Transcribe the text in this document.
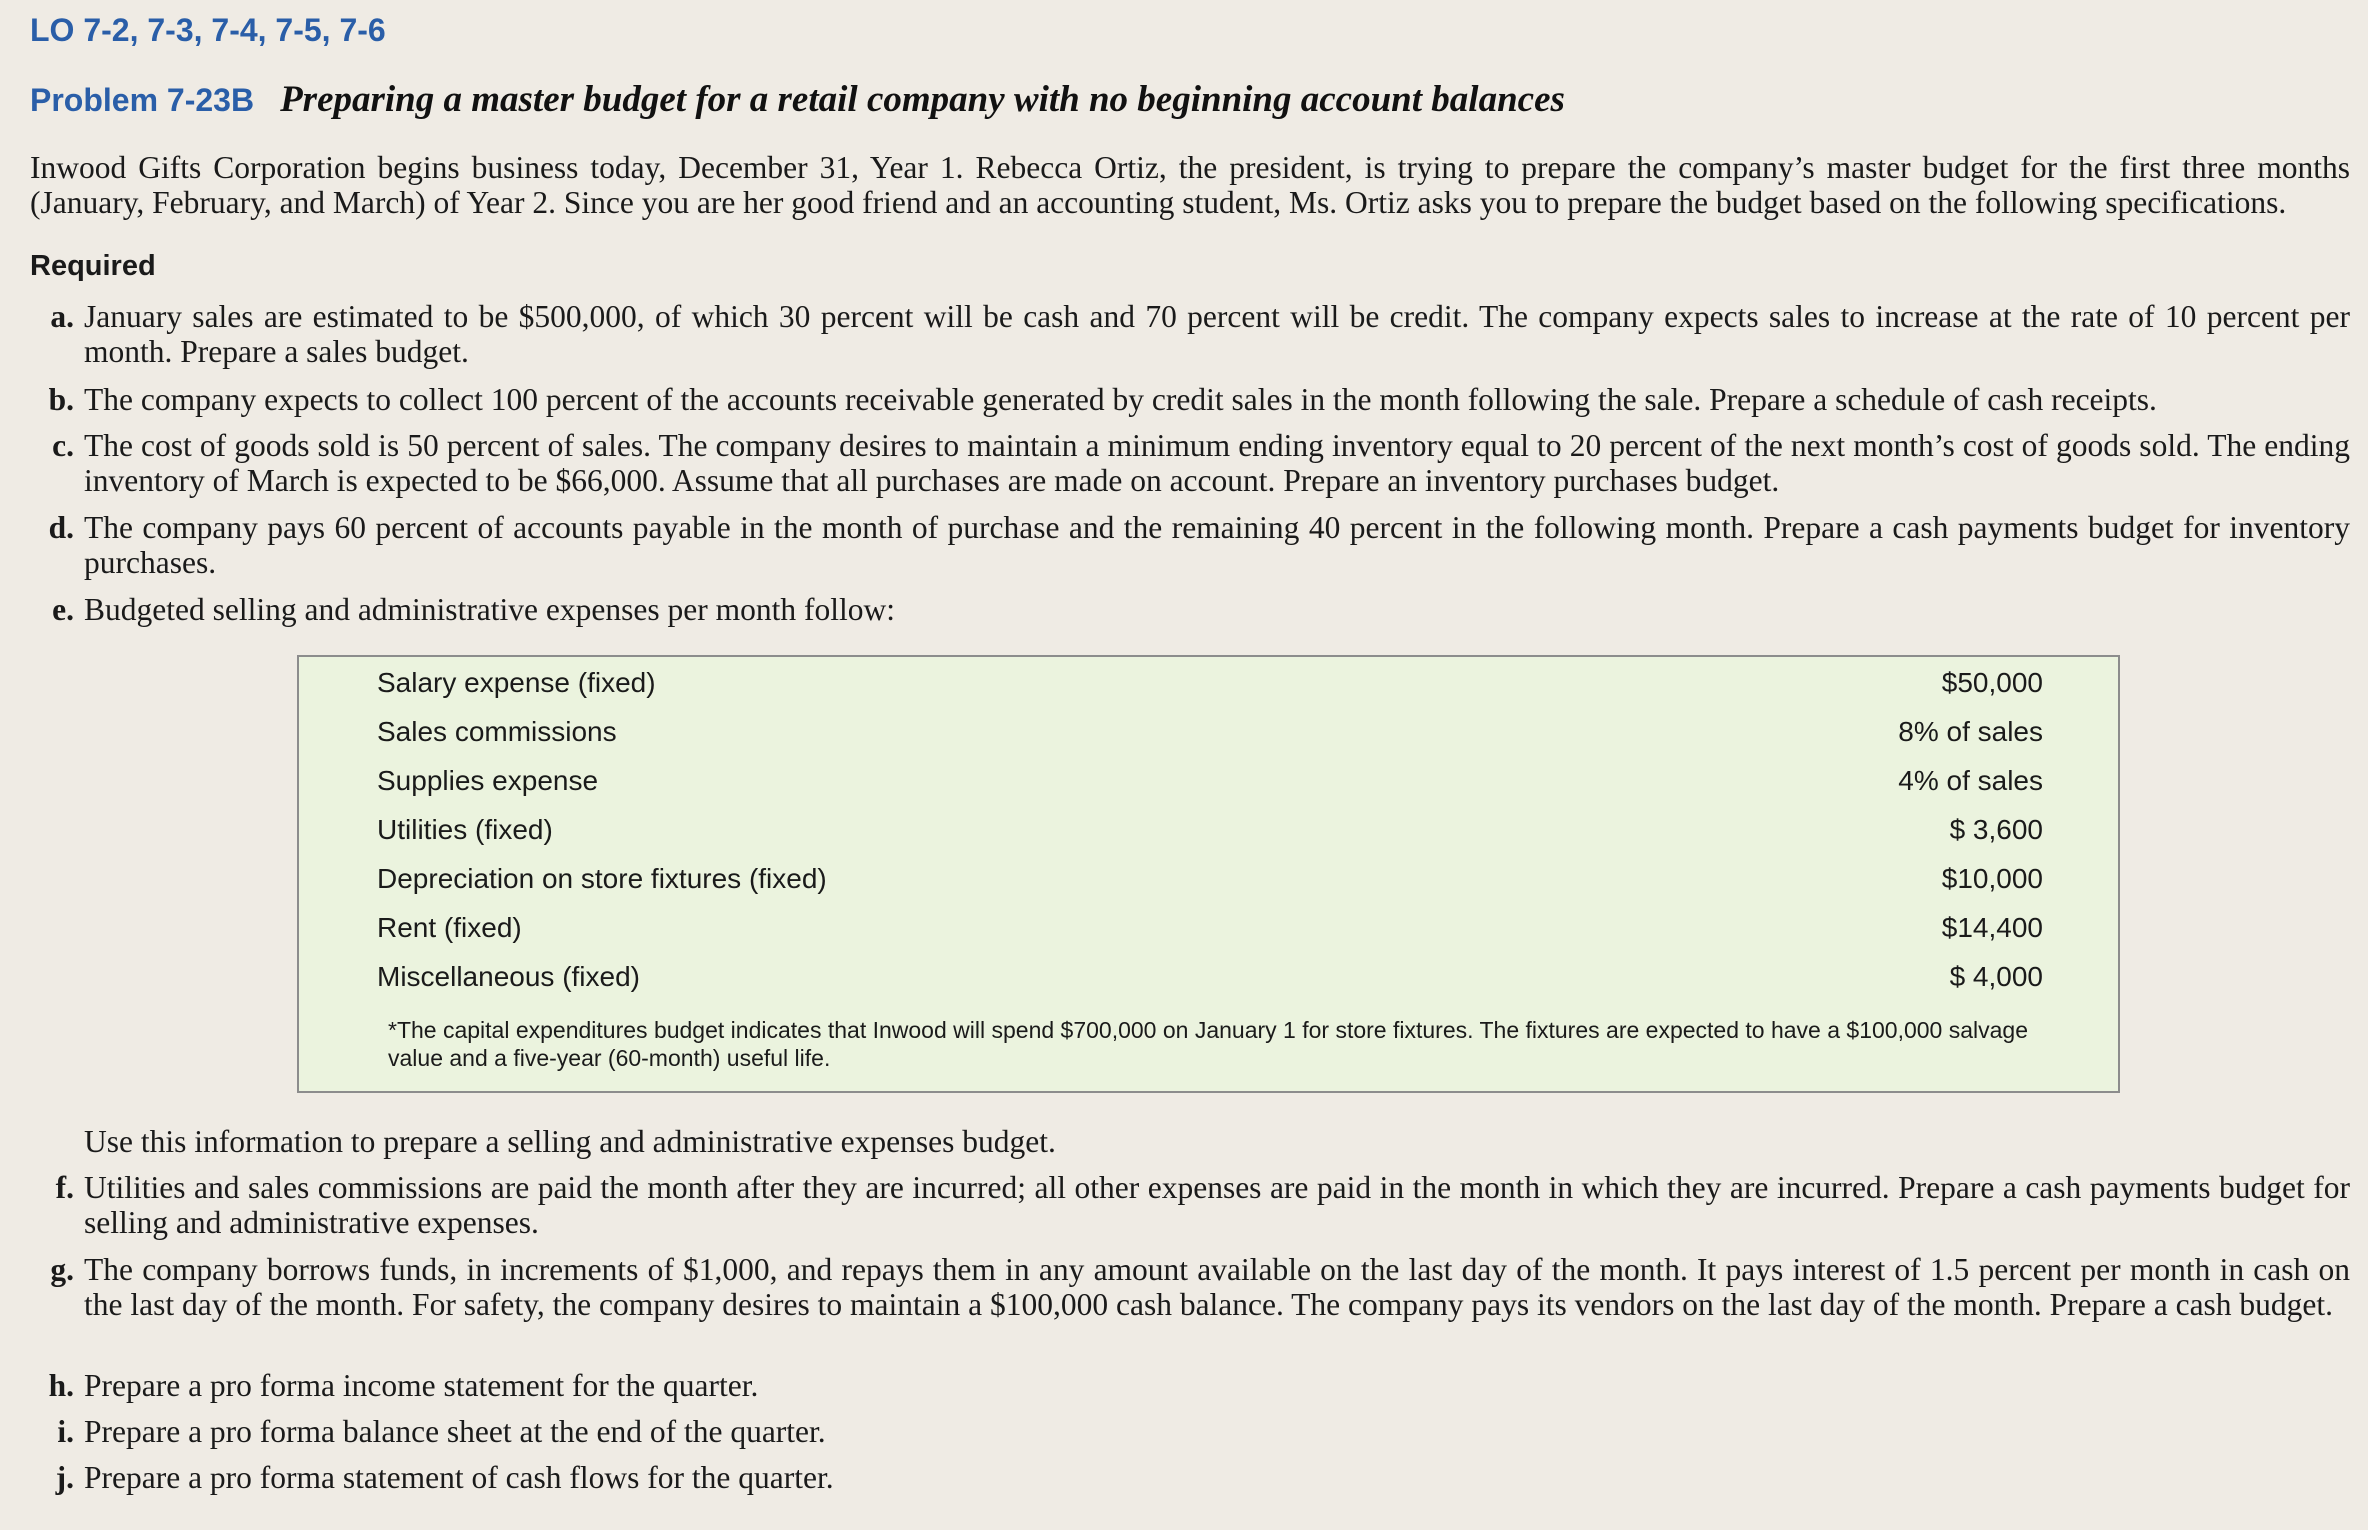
LO 7-2, 7-3, 7-4, 7-5, 7-6
Problem 7-23B Preparing a master budget for a retail company with no beginning account balances
Inwood Gifts Corporation begins business today, December 31, Year 1. Rebecca Ortiz, the president, is trying to prepare the company’s master budget for the first three months (January, February, and March) of Year 2. Since you are her good friend and an accounting student, Ms. Ortiz asks you to prepare the budget based on the following specifications.
Required
a. January sales are estimated to be $500,000, of which 30 percent will be cash and 70 percent will be credit. The company expects sales to increase at the rate of 10 percent per month. Prepare a sales budget.
b. The company expects to collect 100 percent of the accounts receivable generated by credit sales in the month following the sale. Prepare a schedule of cash receipts.
c. The cost of goods sold is 50 percent of sales. The company desires to maintain a minimum ending inventory equal to 20 percent of the next month’s cost of goods sold. The ending inventory of March is expected to be $66,000. Assume that all purchases are made on account. Prepare an inventory purchases budget.
d. The company pays 60 percent of accounts payable in the month of purchase and the remaining 40 percent in the following month. Prepare a cash payments budget for inventory purchases.
e. Budgeted selling and administrative expenses per month follow:
Salary expense (fixed)	$50,000
Sales commissions	8% of sales
Supplies expense	4% of sales
Utilities (fixed)	$ 3,600
Depreciation on store fixtures (fixed)	$10,000
Rent (fixed)	$14,400
Miscellaneous (fixed)	$ 4,000
*The capital expenditures budget indicates that Inwood will spend $700,000 on January 1 for store fixtures. The fixtures are expected to have a $100,000 salvage value and a five-year (60-month) useful life.
Use this information to prepare a selling and administrative expenses budget.
f. Utilities and sales commissions are paid the month after they are incurred; all other expenses are paid in the month in which they are incurred. Prepare a cash payments budget for selling and administrative expenses.
g. The company borrows funds, in increments of $1,000, and repays them in any amount available on the last day of the month. It pays interest of 1.5 percent per month in cash on the last day of the month. For safety, the company desires to maintain a $100,000 cash balance. The company pays its vendors on the last day of the month. Prepare a cash budget.
h. Prepare a pro forma income statement for the quarter.
i. Prepare a pro forma balance sheet at the end of the quarter.
j. Prepare a pro forma statement of cash flows for the quarter.
